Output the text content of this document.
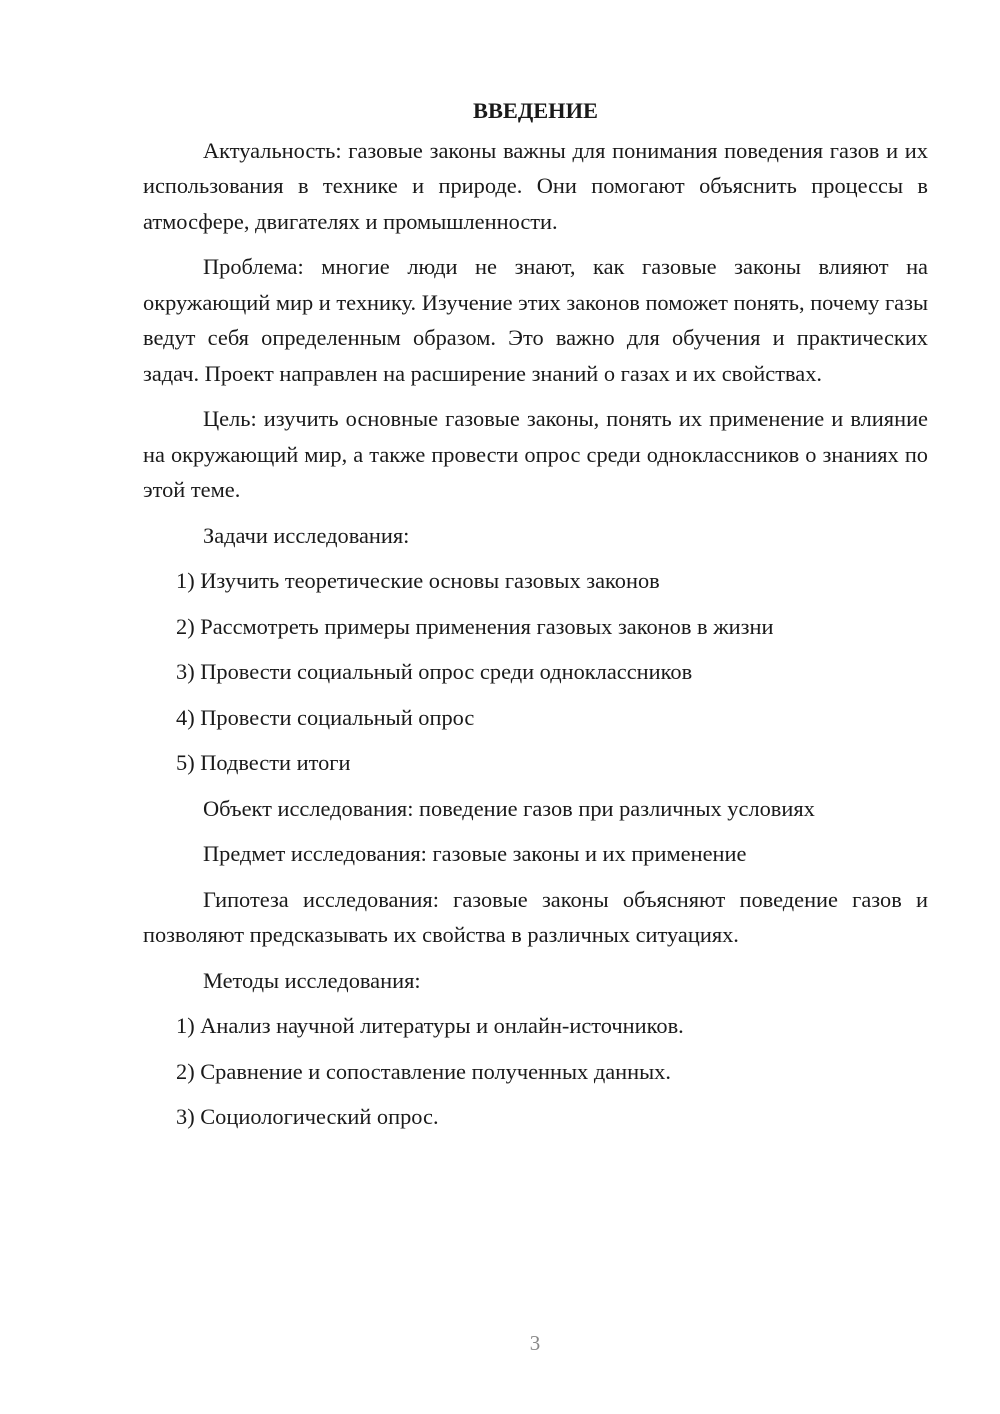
ВВЕДЕНИЕ
Актуальность: газовые законы важны для понимания поведения газов и их использования в технике и природе. Они помогают объяснить процессы в атмосфере, двигателях и промышленности.
Проблема: многие люди не знают, как газовые законы влияют на окружающий мир и технику. Изучение этих законов поможет понять, почему газы ведут себя определенным образом. Это важно для обучения и практических задач. Проект направлен на расширение знаний о газах и их свойствах.
Цель: изучить основные газовые законы, понять их применение и влияние на окружающий мир, а также провести опрос среди одноклассников о знаниях по этой теме.
Задачи исследования:
1) Изучить теоретические основы газовых законов
2) Рассмотреть примеры применения газовых законов в жизни
3) Провести социальный опрос среди одноклассников
4) Провести социальный опрос
5) Подвести итоги
Объект исследования: поведение газов при различных условиях
Предмет исследования: газовые законы и их применение
Гипотеза исследования: газовые законы объясняют поведение газов и позволяют предсказывать их свойства в различных ситуациях.
Методы исследования:
1) Анализ научной литературы и онлайн-источников.
2) Сравнение и сопоставление полученных данных.
3) Социологический опрос.
3
